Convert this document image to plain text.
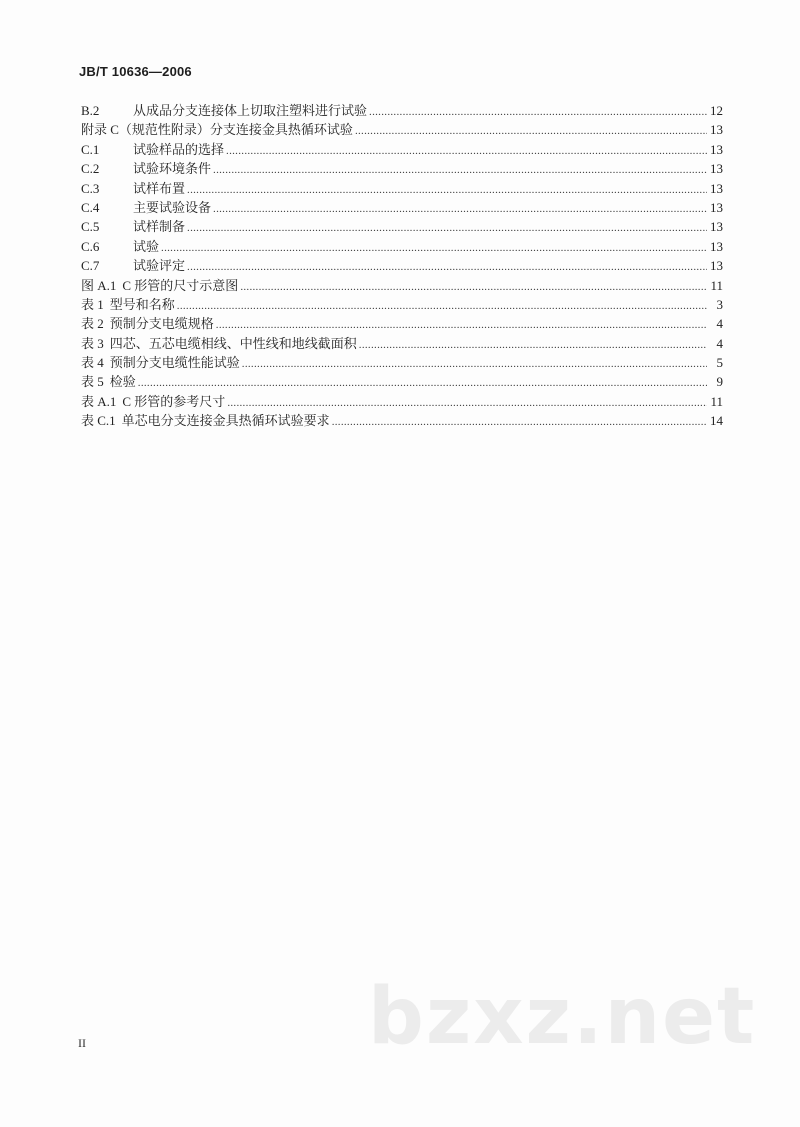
JB/T 10636—2006
B.2	从成品分支连接体上切取注塑料进行试验 .....	12
附录 C （规范性附录）分支连接金具热循环试验 .....	13
C.1	试验样品的选择 .....	13
C.2	试验环境条件 .....	13
C.3	试样布置 .....	13
C.4	主要试验设备 .....	13
C.5	试样制备 .....	13
C.6	试验 .....	13
C.7	试验评定 .....	13
图 A.1 C 形管的尺寸示意图 .....	11
表 1 型号和名称 .....	3
表 2 预制分支电缆规格 .....	4
表 3 四芯、五芯电缆相线、中性线和地线截面积 .....	4
表 4 预制分支电缆性能试验 .....	5
表 5 检验 .....	9
表 A.1 C 形管的参考尺寸 .....	11
表 C.1 单芯电分支连接金具热循环试验要求 .....	14
II	bzxz.net
